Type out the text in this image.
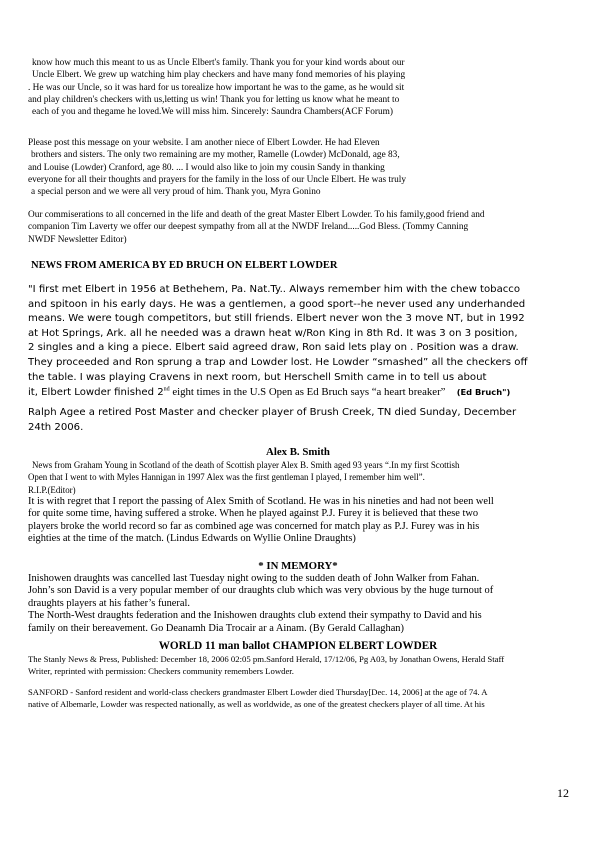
know how much this meant to us as Uncle Elbert's family. Thank you for your kind words about our
Uncle Elbert. We grew up watching him play checkers and have many fond memories of his playing
. He was our Uncle, so it was hard for us torealize how important he was to the game, as he would sit
and play children's checkers with us,letting us win! Thank you for letting us know what he meant to
each of you and thegame he loved.We will miss him. Sincerely: Saundra Chambers(ACF Forum)
Please post this message on your website. I am another niece of Elbert Lowder. He had Eleven
brothers and sisters. The only two remaining are my mother, Ramelle (Lowder) McDonald, age 83,
and Louise (Lowder) Cranford, age 80. ... I would also like to join my cousin Sandy in thanking
everyone for all their thoughts and prayers for the family in the loss of our Uncle Elbert. He was truly
a special person and we were all very proud of him. Thank you, Myra Gonino
Our commiserations to all concerned in the life and death of the great Master Elbert Lowder. To his family,good friend and
companion Tim Laverty we offer our deepest sympathy from all at the NWDF Ireland.....God Bless. (Tommy Canning
NWDF Newsletter Editor)
NEWS FROM AMERICA BY ED BRUCH ON ELBERT LOWDER
"I first met Elbert in 1956 at Bethehem, Pa. Nat.Ty.. Always remember him with the chew tobacco
and spitoon in his early days. He was a gentlemen, a good sport--he never used any underhanded
means. We were tough competitors, but still friends. Elbert never won the 3 move NT, but in 1992
at Hot Springs, Ark. all he needed was a drawn heat w/Ron King in 8th Rd. It was 3 on 3 position,
2 singles and a king a piece. Elbert said agreed draw, Ron said lets play on . Position was a draw.
They proceeded and Ron sprung a trap and Lowder lost. He Lowder “smashed” all the checkers off
the table. I was playing Cravens in next room, but Herschell Smith came in to tell us about
it, Elbert Lowder finished 2nd eight times in the U.S Open as Ed Bruch says “a heart breaker” (Ed Bruch")
Ralph Agee a retired Post Master and checker player of Brush Creek, TN died Sunday, December
24th 2006.
Alex B. Smith
News from Graham Young in Scotland of the death of Scottish player Alex B. Smith aged 93 years “.In my first Scottish
Open that I went to with Myles Hannigan in 1997 Alex was the first gentleman I played, I remember him well”.
R.I.P.(Editor)
It is with regret that I report the passing of Alex Smith of Scotland. He was in his nineties and had not been well
for quite some time, having suffered a stroke. When he played against P.J. Furey it is believed that these two
players broke the world record so far as combined age was concerned for match play as P.J. Furey was in his
eighties at the time of the match. (Lindus Edwards on Wyllie Online Draughts)
* IN MEMORY*
Inishowen draughts was cancelled last Tuesday night owing to the sudden death of John Walker from Fahan.
John’s son David is a very popular member of our draughts club which was very obvious by the huge turnout of
draughts players at his father’s funeral.
The North-West draughts federation and the Inishowen draughts club extend their sympathy to David and his
family on their bereavement. Go Deanamh Dia Trocair ar a Ainam. (By Gerald Callaghan)
WORLD 11 man ballot CHAMPION ELBERT LOWDER
The Stanly News & Press, Published: December 18, 2006 02:05 pm.Sanford Herald, 17/12/06, Pg A03, by Jonathan Owens, Herald Staff
Writer, reprinted with permission: Checkers community remembers Lowder.
SANFORD - Sanford resident and world-class checkers grandmaster Elbert Lowder died Thursday[Dec. 14, 2006] at the age of 74. A
native of Albemarle, Lowder was respected nationally, as well as worldwide, as one of the greatest checkers player of all time. At his
12
